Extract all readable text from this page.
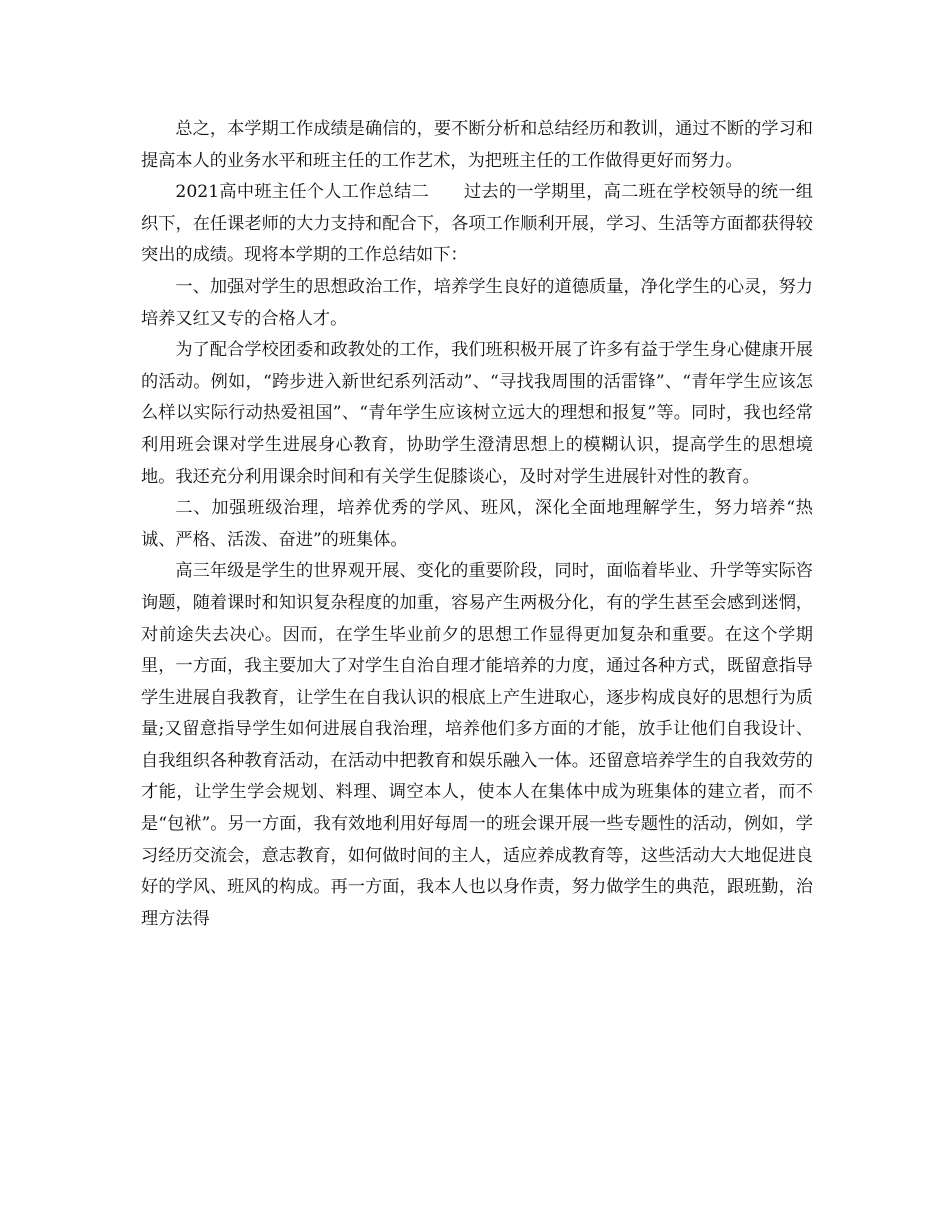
总之，本学期工作成绩是确信的，要不断分析和总结经历和教训，通过不断的学习和提高本人的业务水平和班主任的工作艺术，为把班主任的工作做得更好而努力。

2021高中班主任个人工作总结二　　过去的一学期里，高二班在学校领导的统一组织下，在任课老师的大力支持和配合下，各项工作顺利开展，学习、生活等方面都获得较突出的成绩。现将本学期的工作总结如下：

一、加强对学生的思想政治工作，培养学生良好的道德质量，净化学生的心灵，努力培养又红又专的合格人才。

为了配合学校团委和政教处的工作，我们班积极开展了许多有益于学生身心健康开展的活动。例如，“跨步进入新世纪系列活动”、“寻找我周围的活雷锋”、“青年学生应该怎么样以实际行动热爱祖国”、“青年学生应该树立远大的理想和报复”等。同时，我也经常利用班会课对学生进展身心教育，协助学生澄清思想上的模糊认识，提高学生的思想境地。我还充分利用课余时间和有关学生促膝谈心，及时对学生进展针对性的教育。

二、加强班级治理，培养优秀的学风、班风，深化全面地理解学生，努力培养“热诚、严格、活泼、奋进”的班集体。

高三年级是学生的世界观开展、变化的重要阶段，同时，面临着毕业、升学等实际咨询题，随着课时和知识复杂程度的加重，容易产生两极分化，有的学生甚至会感到迷惘，对前途失去决心。因而，在学生毕业前夕的思想工作显得更加复杂和重要。在这个学期里，一方面，我主要加大了对学生自治自理才能培养的力度，通过各种方式，既留意指导学生进展自我教育，让学生在自我认识的根底上产生进取心，逐步构成良好的思想行为质量;又留意指导学生如何进展自我治理，培养他们多方面的才能，放手让他们自我设计、自我组织各种教育活动，在活动中把教育和娱乐融入一体。还留意培养学生的自我效劳的才能，让学生学会规划、料理、调空本人，使本人在集体中成为班集体的建立者，而不是“包袱”。另一方面，我有效地利用好每周一的班会课开展一些专题性的活动，例如，学习经历交流会，意志教育，如何做时间的主人，适应养成教育等，这些活动大大地促进良好的学风、班风的构成。再一方面，我本人也以身作责，努力做学生的典范，跟班勤，治理方法得
